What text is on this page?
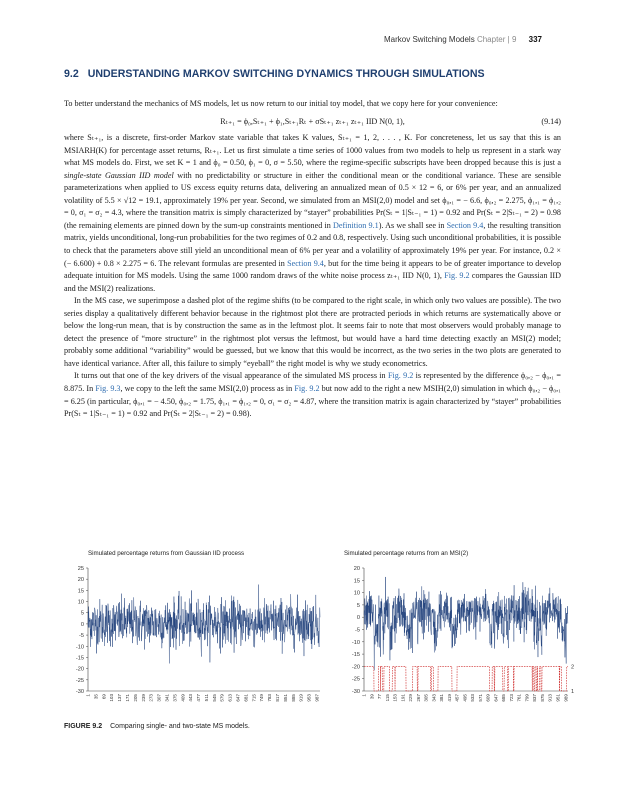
Markov Switching Models Chapter | 9 337
9.2 UNDERSTANDING MARKOV SWITCHING DYNAMICS THROUGH SIMULATIONS

To better understand the mechanics of MS models, let us now return to our initial toy model, that we copy here for your convenience:

Rₜ₊₁ = ϕ₀,Sₜ₊₁ + ϕ₁,Sₜ₊₁Rₜ + σSₜ₊₁ zₜ₊₁ zₜ₊₁ IID N(0, 1),	(9.14)

where Sₜ₊₁, is a discrete, first-order Markov state variable that takes K values, Sₜ₊₁ = 1, 2, . . . , K. For concreteness, let us say that this is an MSIARH(K) for percentage asset returns, Rₜ₊₁. Let us first simulate a time series of 1000 values from two models to help us represent in a stark way what MS models do. First, we set K = 1 and ϕ₀ = 0.50, ϕ₁ = 0, σ = 5.50, where the regime-specific subscripts have been dropped because this is just a single-state Gaussian IID model with no predictability or structure in either the conditional mean or the conditional variance. These are sensible parameterizations when applied to US excess equity returns data, delivering an annualized mean of 0.5 × 12 = 6, or 6% per year, and an annualized volatility of 5.5 × √12 = 19.1, approximately 19% per year. Second, we simulated from an MSI(2,0) model and set ϕ₀,₁ = − 6.6, ϕ₀,₂ = 2.275, ϕ₁,₁ = ϕ₁,₂ = 0, σ₁ = σ₂ = 4.3, where the transition matrix is simply characterized by “stayer” probabilities Pr(Sₜ = 1|Sₜ₋₁ = 1) = 0.92 and Pr(Sₜ = 2|Sₜ₋₁ = 2) = 0.98 (the remaining elements are pinned down by the sum-up constraints mentioned in Definition 9.1). As we shall see in Section 9.4, the resulting transition matrix, yields unconditional, long-run probabilities for the two regimes of 0.2 and 0.8, respectively. Using such unconditional probabilities, it is possible to check that the parameters above still yield an unconditional mean of 6% per year and a volatility of approximately 19% per year. For instance, 0.2 × (− 6.600) + 0.8 × 2.275 = 6. The relevant formulas are presented in Section 9.4, but for the time being it appears to be of greater importance to develop adequate intuition for MS models. Using the same 1000 random draws of the white noise process zₜ₊₁ IID N(0, 1), Fig. 9.2 compares the Gaussian IID and the MSI(2) realizations.

In the MS case, we superimpose a dashed plot of the regime shifts (to be compared to the right scale, in which only two values are possible). The two series display a qualitatively different behavior because in the rightmost plot there are protracted periods in which returns are systematically above or below the long-run mean, that is by construction the same as in the leftmost plot. It seems fair to note that most observers would probably manage to detect the presence of “more structure” in the rightmost plot versus the leftmost, but would have a hard time detecting exactly an MSI(2) model; probably some additional “variability” would be guessed, but we know that this would be incorrect, as the two series in the two plots are generated to have identical variance. After all, this failure to simply “eyeball” the right model is why we study econometrics.

It turns out that one of the key drivers of the visual appearance of the simulated MS process in Fig. 9.2 is represented by the difference ϕ₀,₂ − ϕ₀,₁ = 8.875. In Fig. 9.3, we copy to the left the same MSI(2,0) process as in Fig. 9.2 but now add to the right a new MSIH(2,0) simulation in which ϕ₀,₂ − ϕ₀,₁ = 6.25 (in particular, ϕ₀,₁ = − 4.50, ϕ₀,₂ = 1.75, ϕ₁,₁ = ϕ₁,₂ = 0, σ₁ = σ₂ = 4.87, where the transition matrix is again characterized by “stayer” probabilities Pr(Sₜ = 1|Sₜ₋₁ = 1) = 0.92 and Pr(Sₜ = 2|Sₜ₋₁ = 2) = 0.98).

Simulated percentage returns from Gaussian IID process	Simulated percentage returns from an MSI(2)
25
20
15
10
5
0
-5
-10
-15
-20
-25
-30
1 35 69 103 137 171 205 239 273 307 341 375 409 443 477 511 545 579 613 647 681 715 749 783 817 851 885 919 953 987
20
15
10
5
0
-5
-10
-15
-20
-25
-30
1 39 77 115 153 191 229 267 305 343 381 419 457 495 533 571 609 647 685 723 761 799 837 875 913 951 989
2
1
FIGURE 9.2 Comparing single- and two-state MS models.
